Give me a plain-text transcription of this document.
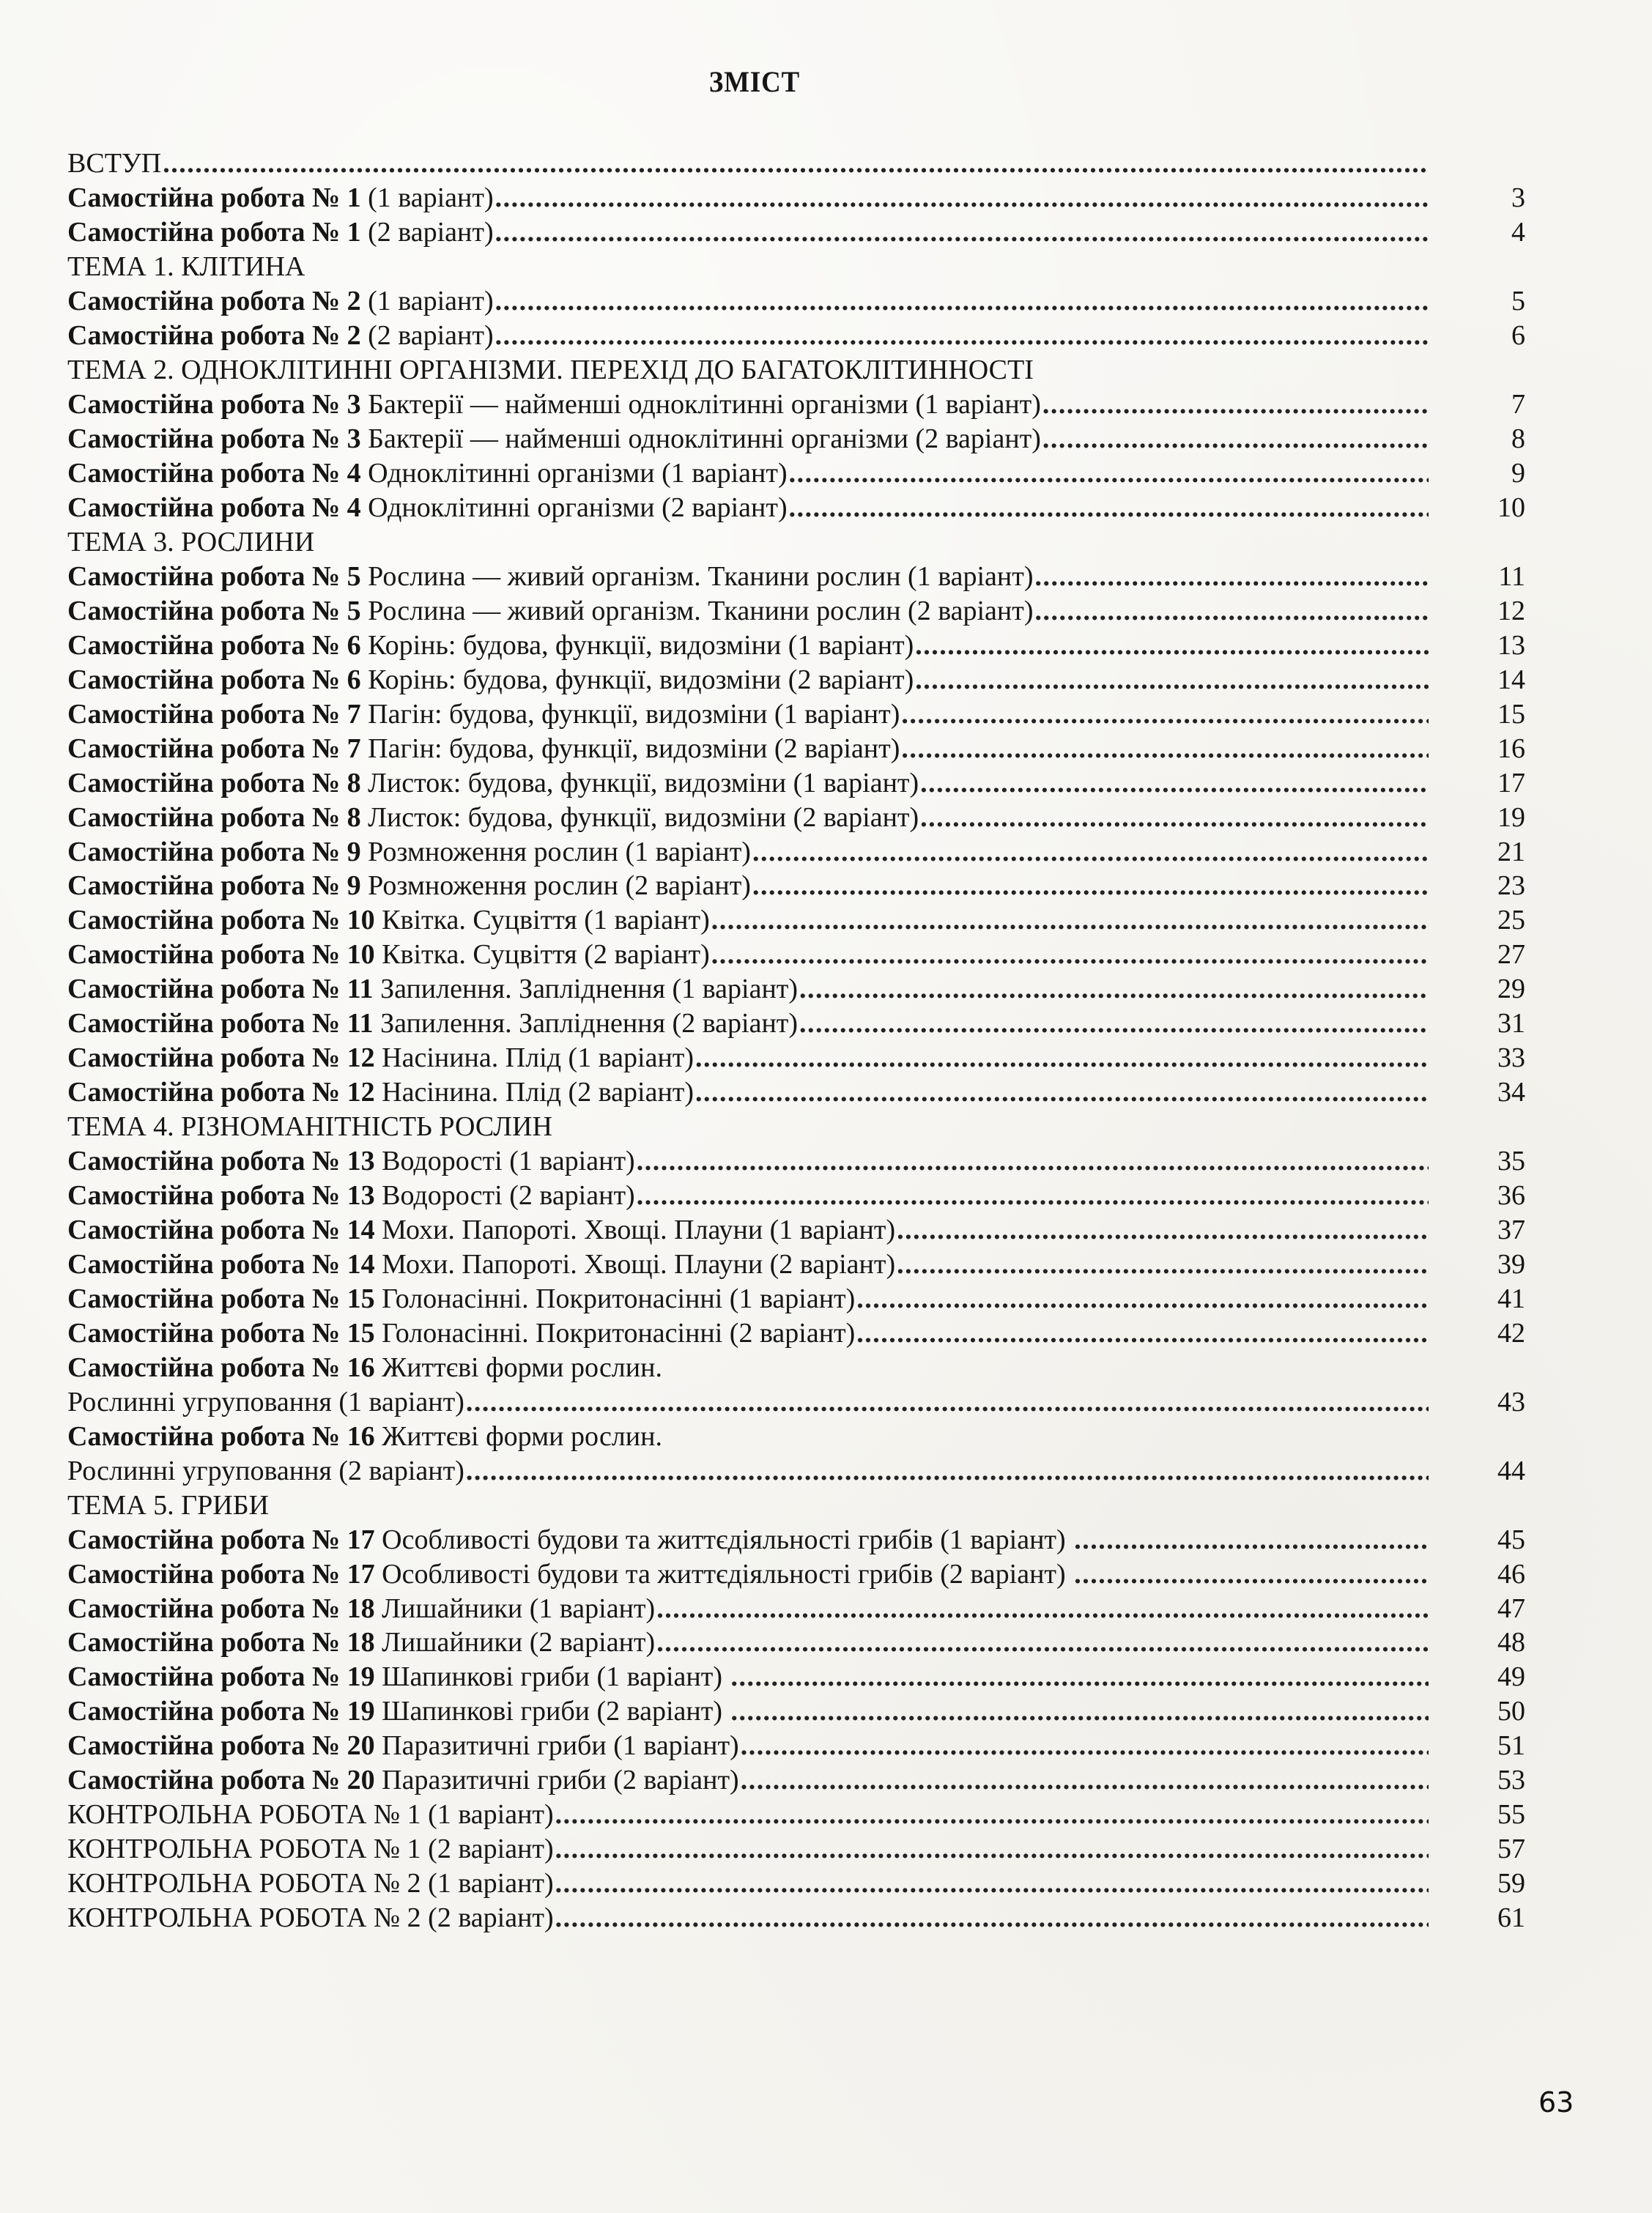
ЗМІСТ
ВСТУП
.....
Самостійна робота № 1 (1 варіант) .....	3
Самостійна робота № 1 (2 варіант) .....	4
ТЕМА 1. КЛІТИНА
Самостійна робота № 2 (1 варіант) .....	5
Самостійна робота № 2 (2 варіант) .....	6
ТЕМА 2. ОДНОКЛІТИННІ ОРГАНІЗМИ. ПЕРЕХІД ДО БАГАТОКЛІТИННОСТІ
Самостійна робота № 3 Бактерії — найменші одноклітинні організми (1 варіант) .....	7
Самостійна робота № 3 Бактерії — найменші одноклітинні організми (2 варіант) .....	8
Самостійна робота № 4 Одноклітинні організми (1 варіант) .....	9
Самостійна робота № 4 Одноклітинні організми (2 варіант) .....	10
ТЕМА 3. РОСЛИНИ
Самостійна робота № 5 Рослина — живий організм. Тканини рослин (1 варіант) .....	11
Самостійна робота № 5 Рослина — живий організм. Тканини рослин (2 варіант) .....	12
Самостійна робота № 6 Корінь: будова, функції, видозміни (1 варіант) .....	13
Самостійна робота № 6 Корінь: будова, функції, видозміни (2 варіант) .....	14
Самостійна робота № 7 Пагін: будова, функції, видозміни (1 варіант) .....	15
Самостійна робота № 7 Пагін: будова, функції, видозміни (2 варіант) .....	16
Самостійна робота № 8 Листок: будова, функції, видозміни (1 варіант) .....	17
Самостійна робота № 8 Листок: будова, функції, видозміни (2 варіант) .....	19
Самостійна робота № 9 Розмноження рослин (1 варіант) .....	21
Самостійна робота № 9 Розмноження рослин (2 варіант) .....	23
Самостійна робота № 10 Квітка. Суцвіття (1 варіант) .....	25
Самостійна робота № 10 Квітка. Суцвіття (2 варіант) .....	27
Самостійна робота № 11 Запилення. Запліднення (1 варіант) .....	29
Самостійна робота № 11 Запилення. Запліднення (2 варіант) .....	31
Самостійна робота № 12 Насінина. Плід (1 варіант) .....	33
Самостійна робота № 12 Насінина. Плід (2 варіант) .....	34
ТЕМА 4. РІЗНОМАНІТНІСТЬ РОСЛИН
Самостійна робота № 13 Водорості (1 варіант) .....	35
Самостійна робота № 13 Водорості (2 варіант) .....	36
Самостійна робота № 14 Мохи. Папороті. Хвощі. Плауни (1 варіант) .....	37
Самостійна робота № 14 Мохи. Папороті. Хвощі. Плауни (2 варіант) .....	39
Самостійна робота № 15 Голонасінні. Покритонасінні (1 варіант) .....	41
Самостійна робота № 15 Голонасінні. Покритонасінні (2 варіант) .....	42
Самостійна робота № 16 Життєві форми рослин.
Рослинні угруповання (1 варіант) .....	43
Самостійна робота № 16 Життєві форми рослин.
Рослинні угруповання (2 варіант) .....	44
ТЕМА 5. ГРИБИ
Самостійна робота № 17 Особливості будови та життєдіяльності грибів (1 варіант) .....	45
Самостійна робота № 17 Особливості будови та життєдіяльності грибів (2 варіант) .....	46
Самостійна робота № 18 Лишайники (1 варіант) .....	47
Самостійна робота № 18 Лишайники (2 варіант) .....	48
Самостійна робота № 19 Шапинкові гриби (1 варіант) .....	49
Самостійна робота № 19 Шапинкові гриби (2 варіант) .....	50
Самостійна робота № 20 Паразитичні гриби (1 варіант) .....	51
Самостійна робота № 20 Паразитичні гриби (2 варіант) .....	53
КОНТРОЛЬНА РОБОТА № 1 (1 варіант) .....	55
КОНТРОЛЬНА РОБОТА № 1 (2 варіант) .....	57
КОНТРОЛЬНА РОБОТА № 2 (1 варіант) .....	59
КОНТРОЛЬНА РОБОТА № 2 (2 варіант) .....	61
63
